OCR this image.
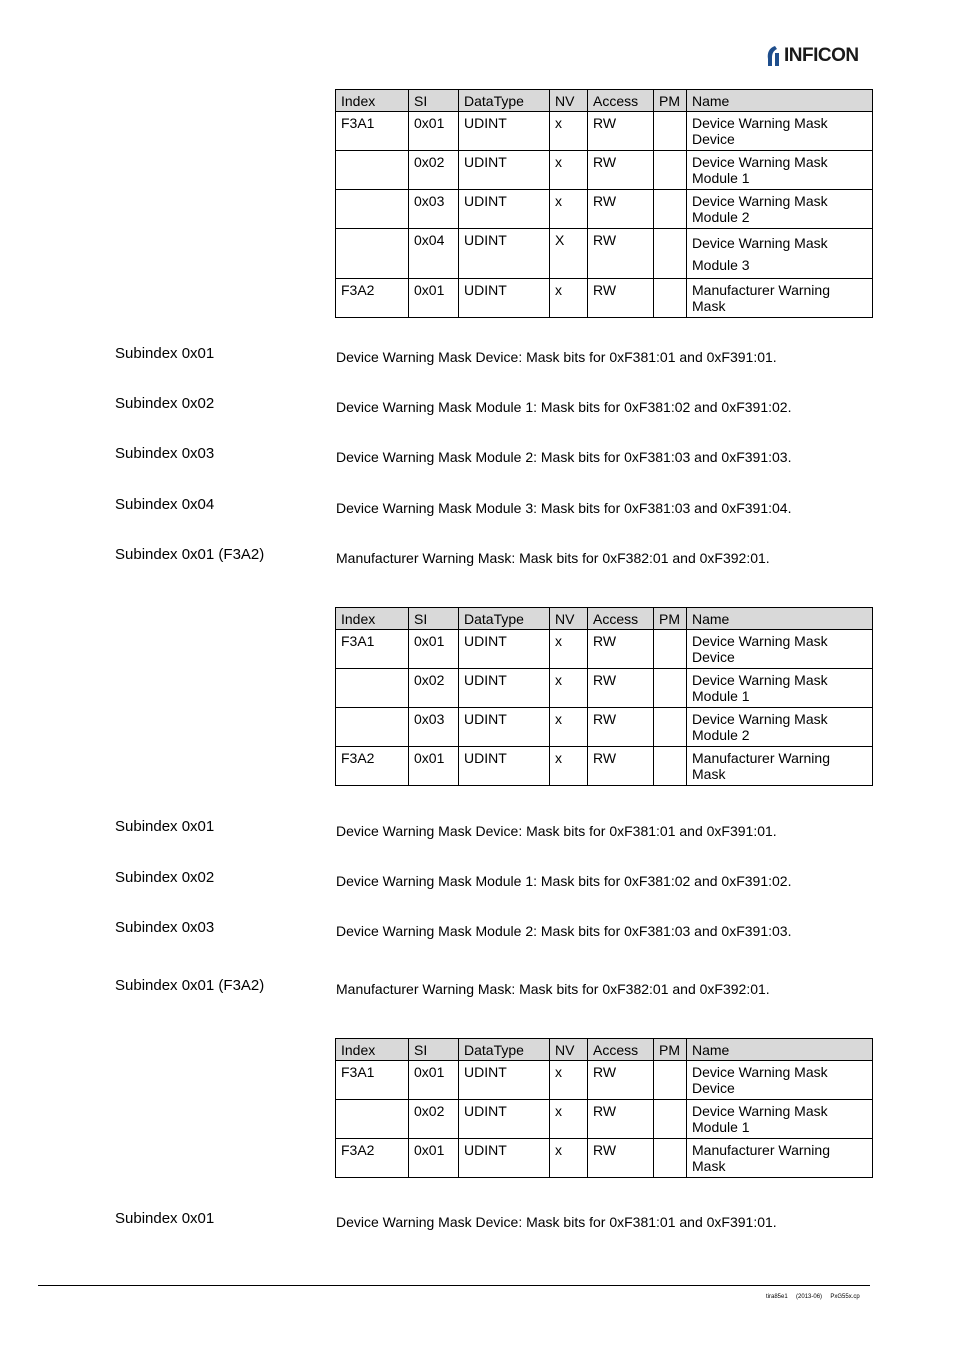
INFICON
Index	SI	DataType	NV	Access	PM	Name
F3A1	0x01	UDINT	x	RW		Device Warning Mask
Device
	0x02	UDINT	x	RW		Device Warning Mask
Module 1
	0x03	UDINT	x	RW		Device Warning Mask
Module 2
	0x04	UDINT	X	RW		Device Warning Mask
Module 3
F3A2	0x01	UDINT	x	RW		Manufacturer Warning
Mask
Subindex 0x01	Device Warning Mask Device: Mask bits for 0xF381:01 and 0xF391:01.
Subindex 0x02	Device Warning Mask Module 1: Mask bits for 0xF381:02 and 0xF391:02.
Subindex 0x03	Device Warning Mask Module 2: Mask bits for 0xF381:03 and 0xF391:03.
Subindex 0x04	Device Warning Mask Module 3: Mask bits for 0xF381:03 and 0xF391:04.
Subindex 0x01 (F3A2)	Manufacturer Warning Mask: Mask bits for 0xF382:01 and 0xF392:01.
Index	SI	DataType	NV	Access	PM	Name
F3A1	0x01	UDINT	x	RW		Device Warning Mask
Device
	0x02	UDINT	x	RW		Device Warning Mask
Module 1
	0x03	UDINT	x	RW		Device Warning Mask
Module 2
F3A2	0x01	UDINT	x	RW		Manufacturer Warning
Mask
Subindex 0x01	Device Warning Mask Device: Mask bits for 0xF381:01 and 0xF391:01.
Subindex 0x02	Device Warning Mask Module 1: Mask bits for 0xF381:02 and 0xF391:02.
Subindex 0x03	Device Warning Mask Module 2: Mask bits for 0xF381:03 and 0xF391:03.
Subindex 0x01 (F3A2)	Manufacturer Warning Mask: Mask bits for 0xF382:01 and 0xF392:01.
Index	SI	DataType	NV	Access	PM	Name
F3A1	0x01	UDINT	x	RW		Device Warning Mask
Device
	0x02	UDINT	x	RW		Device Warning Mask
Module 1
F3A2	0x01	UDINT	x	RW		Manufacturer Warning
Mask
Subindex 0x01	Device Warning Mask Device: Mask bits for 0xF381:01 and 0xF391:01.
tira85e1 (2013-06) PxG55x.cp
